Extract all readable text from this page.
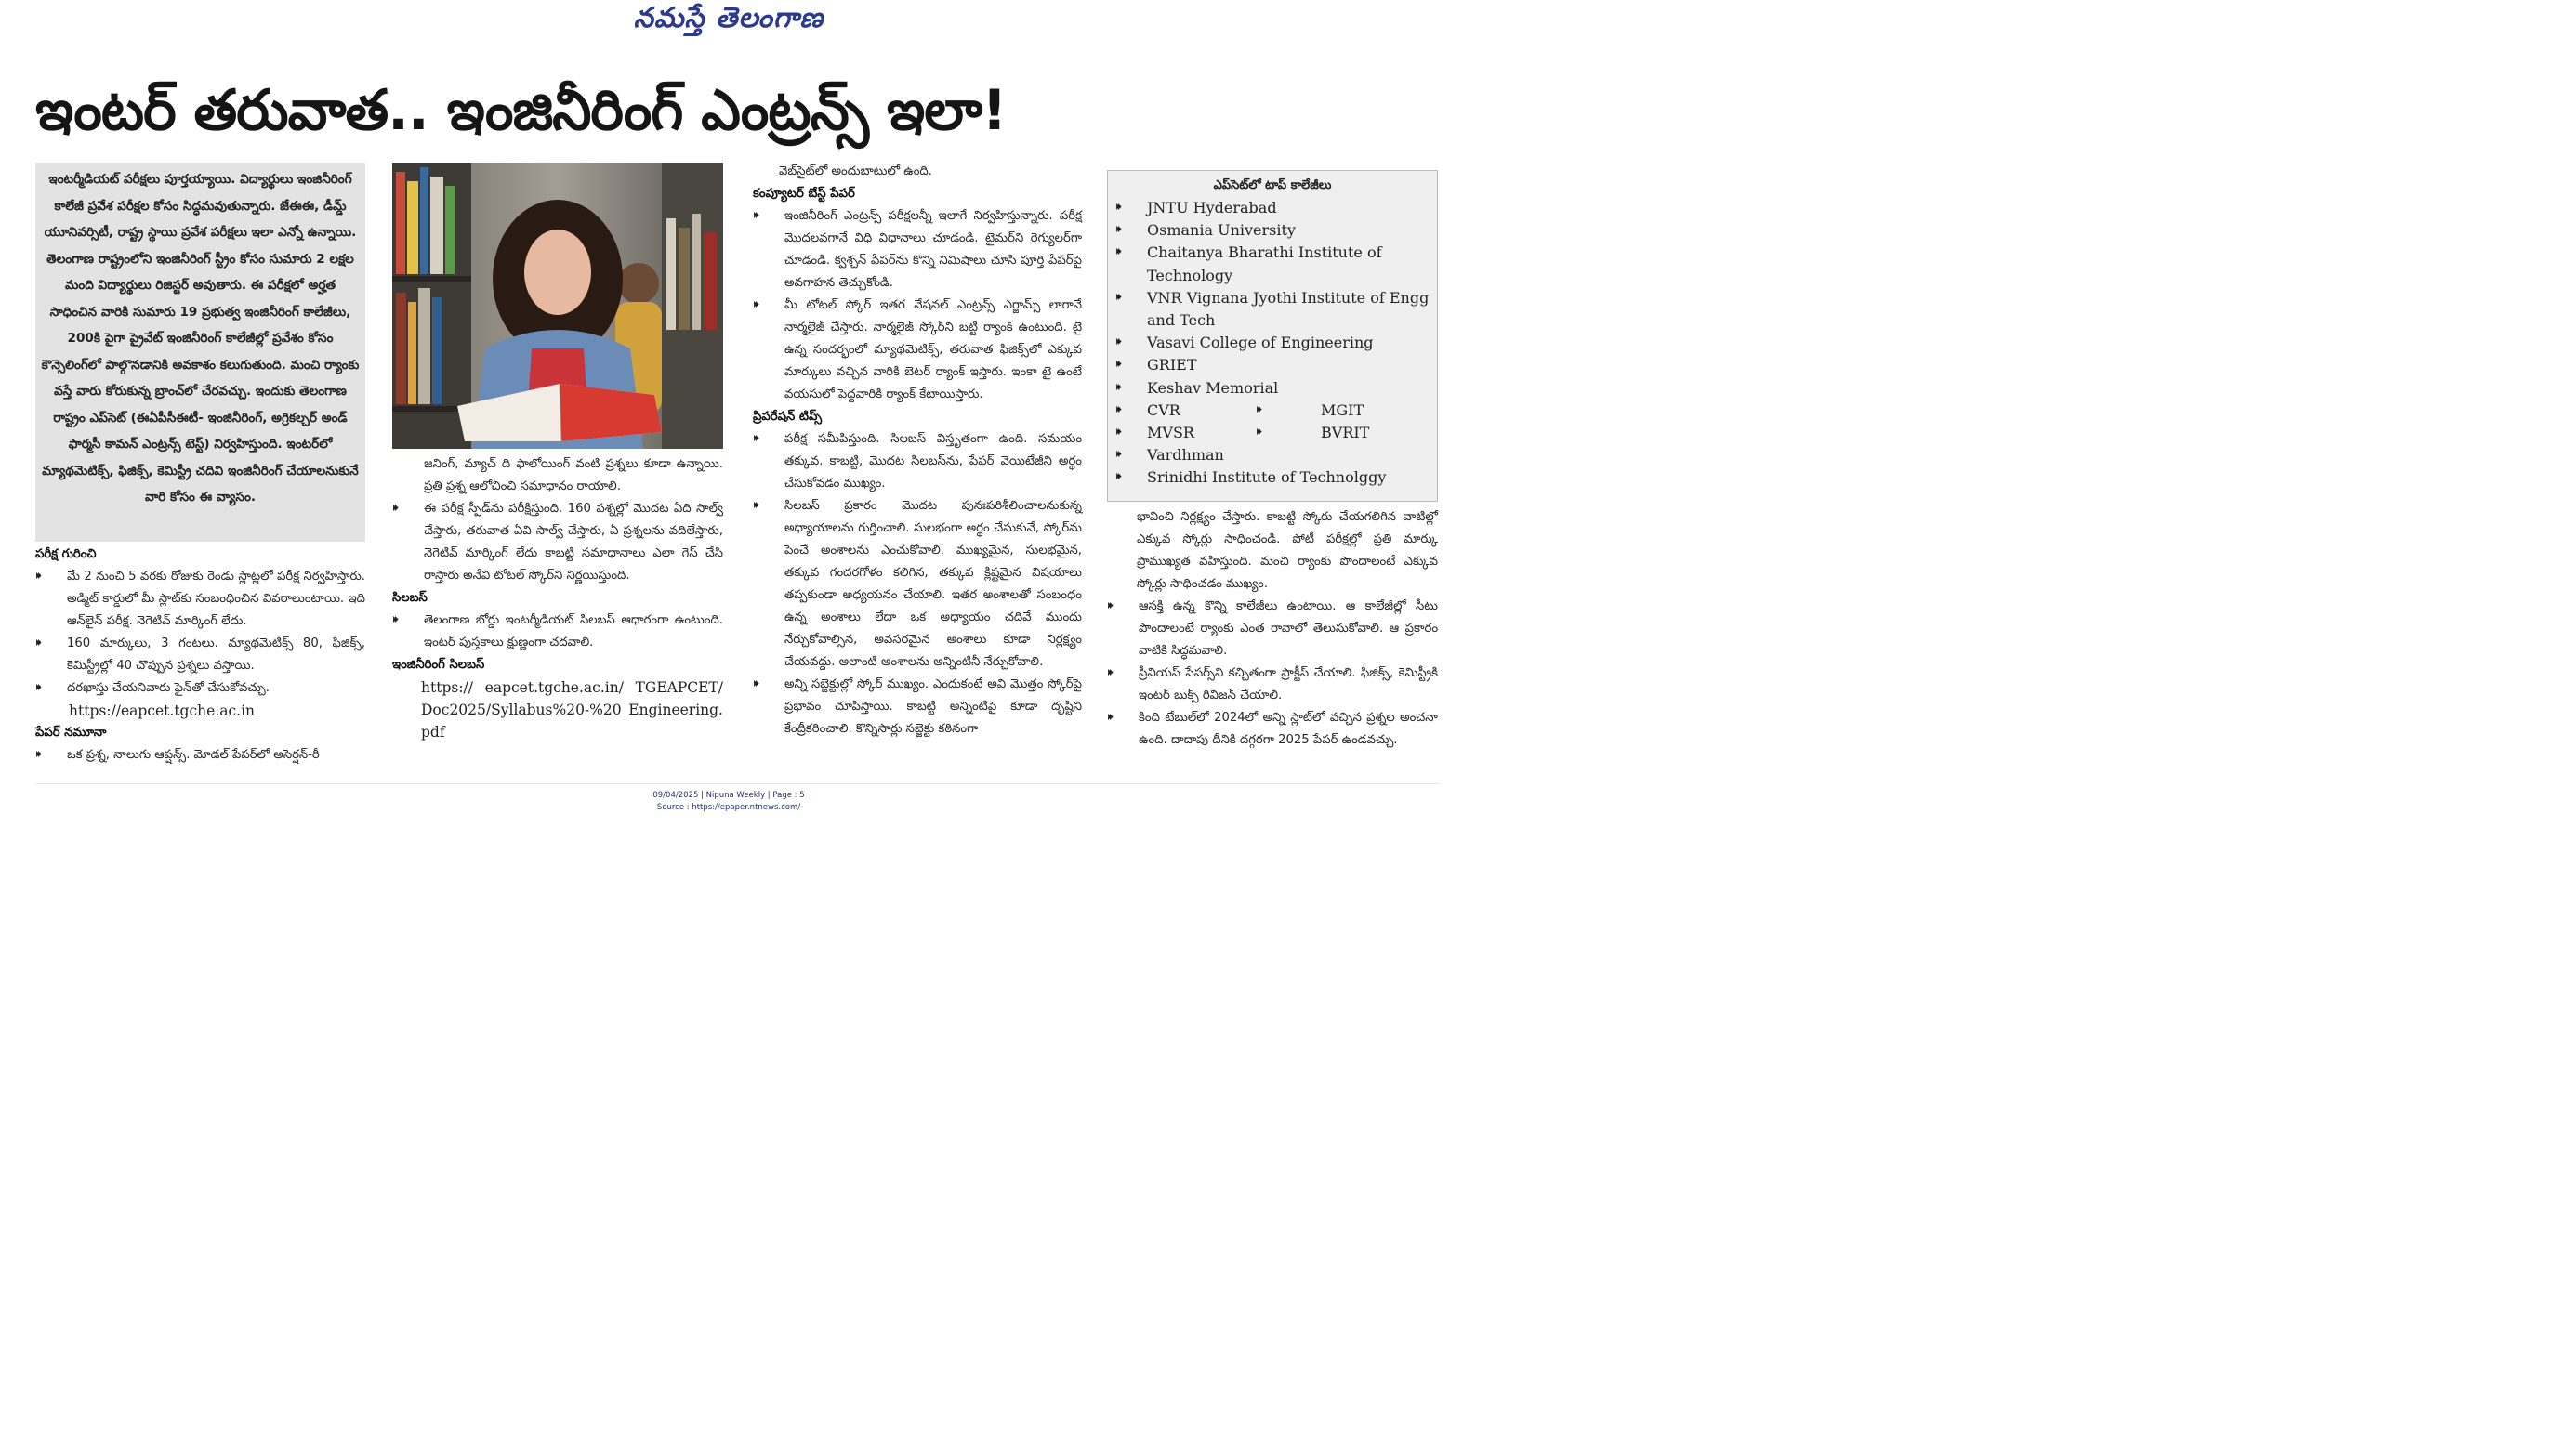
నమస్తే తెలంగాణ
ఇంటర్ తరువాత.. ఇంజినీరింగ్ ఎంట్రన్స్ ఇలా!

ఇంటర్మీడియట్ పరీక్షలు పూర్తయ్యాయి. విద్యార్థులు ఇంజినీరింగ్ కాలేజీ ప్రవేశ పరీక్షల కోసం సిద్ధమవుతున్నారు. జేఈఈ, డీమ్డ్ యూనివర్సిటీ, రాష్ట్ర స్థాయి ప్రవేశ పరీక్షలు ఇలా ఎన్నో ఉన్నాయి. తెలంగాణ రాష్ట్రంలోని ఇంజినీరింగ్ స్ట్రీం కోసం సుమారు 2 లక్షల మంది విద్యార్థులు రిజిస్టర్ అవుతారు. ఈ పరీక్షలో అర్హత సాధించిన వారికి సుమారు 19 ప్రభుత్వ ఇంజినీరింగ్ కాలేజీలు, 200కి పైగా ప్రైవేట్ ఇంజినీరింగ్ కాలేజీల్లో ప్రవేశం కోసం కౌన్సెలింగ్‌లో పాల్గొనడానికి అవకాశం కలుగుతుంది. మంచి ర్యాంకు వస్తే వారు కోరుకున్న బ్రాంచ్‌లో చేరవచ్చు. ఇందుకు తెలంగాణ రాష్ట్రం ఎప్‌సెట్ (ఈఏపీసీఈటీ- ఇంజినీరింగ్, అగ్రికల్చర్ అండ్ ఫార్మసీ కామన్ ఎంట్రన్స్ టెస్ట్) నిర్వహిస్తుంది. ఇంటర్‌లో మ్యాథమెటిక్స్, ఫిజిక్స్, కెమిస్ట్రీ చదివి ఇంజినీరింగ్ చేయాలనుకునే వారి కోసం ఈ వ్యాసం.

పరీక్ష గురించి
⏵⏵ మే 2 నుంచి 5 వరకు రోజుకు రెండు స్లాట్లలో పరీక్ష నిర్వహిస్తారు. అడ్మిట్ కార్డులో మీ స్లాట్‌కు సంబంధించిన వివరాలుంటాయి. ఇది ఆన్‌లైన్ పరీక్ష. నెగెటివ్ మార్కింగ్ లేదు.
⏵⏵ 160 మార్కులు, 3 గంటలు. మ్యాథమెటిక్స్ 80, ఫిజిక్స్, కెమిస్ట్రీల్లో 40 చొప్పున ప్రశ్నలు వస్తాయి.
⏵⏵ దరఖాస్తు చేయనివారు ఫైన్‌తో చేసుకోవచ్చు.
https://eapcet.tgche.ac.in
పేపర్ నమూనా
⏵⏵ ఒక ప్రశ్న, నాలుగు ఆప్షన్స్. మోడల్ పేపర్‌లో అసెర్షన్-రీ

జనింగ్, మ్యాచ్ ది ఫాలోయింగ్ వంటి ప్రశ్నలు కూడా ఉన్నాయి. ప్రతి ప్రశ్న ఆలోచించి సమాధానం రాయాలి.

⏵⏵ ఈ పరీక్ష స్పీడ్‌ను పరీక్షిస్తుంది. 160 పశ్నల్లో మొదట ఏది సాల్వ్ చేస్తారు, తరువాత ఏవి సాల్వ్ చేస్తారు, ఏ ప్రశ్నలను వదిలేస్తారు, నెగెటివ్ మార్కింగ్ లేదు కాబట్టి సమాధానాలు ఎలా గెస్ చేసి రాస్తారు అనేవి టోటల్ స్కోర్‌ని నిర్ణయిస్తుంది.
సిలబస్
⏵⏵ తెలంగాణ బోర్డు ఇంటర్మీడియట్ సిలబస్ ఆధారంగా ఉంటుంది. ఇంటర్ పుస్తకాలు క్షుణ్ణంగా చదవాలి.
ఇంజినీరింగ్ సిలబస్
https:// eapcet.tgche.ac.in/ TGEAPCET/ Doc2025/Syllabus%20-%20 Engineering. pdf

వెబ్‌సైట్‌లో అందుబాటులో ఉంది.

కంప్యూటర్ బేస్ట్ పేపర్
⏵⏵ ఇంజినీరింగ్ ఎంట్రన్స్ పరీక్షలన్నీ ఇలాగే నిర్వహిస్తున్నారు. పరీక్ష మొదలవగానే విధి విధానాలు చూడండి. టైమర్‌ని రెగ్యులర్‌గా చూడండి. క్వశ్చన్ పేపర్‌ను కొన్ని నిమిషాలు చూసి పూర్తి పేపర్‌పై అవగాహన తెచ్చుకోండి.
⏵⏵ మీ టోటల్ స్కోర్ ఇతర నేషనల్ ఎంట్రన్స్ ఎగ్జామ్స్ లాగానే నార్మలైజ్ చేస్తారు. నార్మలైజ్ స్కోర్‌ని బట్టి ర్యాంక్ ఉంటుంది. టై ఉన్న సందర్భంలో మ్యాథమెటిక్స్, తరువాత ఫిజిక్స్‌లో ఎక్కువ మార్కులు వచ్చిన వారికి బెటర్ ర్యాంక్ ఇస్తారు. ఇంకా టై ఉంటే వయసులో పెద్దవారికి ర్యాంక్ కేటాయిస్తారు.
ప్రిపరేషన్ టిప్స్
⏵⏵ పరీక్ష సమీపిస్తుంది. సిలబస్ విస్తృతంగా ఉంది. సమయం తక్కువ. కాబట్టి, మొదట సిలబస్‌ను, పేపర్ వెయిటేజీని అర్థం చేసుకోవడం ముఖ్యం.
⏵⏵ సిలబస్ ప్రకారం మొదట పునఃపరిశీలించాలనుకున్న అధ్యాయాలను గుర్తించాలి. సులభంగా అర్థం చేసుకునే, స్కోర్‌ను పెంచే అంశాలను ఎంచుకోవాలి. ముఖ్యమైన, సులభమైన, తక్కువ గందరగోళం కలిగిన, తక్కువ క్లిష్టమైన విషయాలు తప్పకుండా అధ్యయనం చేయాలి. ఇతర అంశాలతో సంబంధం ఉన్న అంశాలు లేదా ఒక అధ్యాయం చదివే ముందు నేర్చుకోవాల్సిన, అవసరమైన అంశాలు కూడా నిర్లక్ష్యం చేయవద్దు. అలాంటి అంశాలను అన్నింటినీ నేర్చుకోవాలి.
⏵⏵ అన్ని సబ్జెక్టుల్లో స్కోర్ ముఖ్యం. ఎందుకంటే అవి మొత్తం స్కోర్‌పై ప్రభావం చూపిస్తాయి. కాబట్టి అన్నింటిపై కూడా దృష్టిని కేంద్రీకరించాలి. కొన్నిసార్లు సబ్జెక్టు కఠినంగా
ఎప్‌సెట్‌లో టాప్ కాలేజీలు
⏵⏵ JNTU Hyderabad
⏵⏵ Osmania University
⏵⏵ Chaitanya Bharathi Institute of Technology
⏵⏵ VNR Vignana Jyothi Institute of Engg and Tech
⏵⏵ Vasavi College of Engineering
⏵⏵ GRIET
⏵⏵ Keshav Memorial
⏵⏵ CVR	⏵⏵ MGIT
⏵⏵ MVSR	⏵⏵ BVRIT
⏵⏵ Vardhman
⏵⏵ Srinidhi Institute of Technolggy

భావించి నిర్లక్ష్యం చేస్తారు. కాబట్టి స్కోరు చేయగలిగిన వాటిల్లో ఎక్కువ స్కోర్లు సాధించండి. పోటీ పరీక్షల్లో ప్రతి మార్కు ప్రాముఖ్యత వహిస్తుంది. మంచి ర్యాంకు పొందాలంటే ఎక్కువ స్కోర్లు సాధించడం ముఖ్యం.

⏵⏵ ఆసక్తి ఉన్న కొన్ని కాలేజీలు ఉంటాయి. ఆ కాలేజీల్లో సీటు పొందాలంటే ర్యాంకు ఎంత రావాలో తెలుసుకోవాలి. ఆ ప్రకారం వాటికి సిద్ధమవాలి.
⏵⏵ ప్రీవియస్ పేపర్స్‌ని కచ్చితంగా ప్రాక్టీస్ చేయాలి. ఫిజిక్స్, కెమిస్ట్రీకి ఇంటర్ బుక్స్ రివిజన్ చేయాలి.
⏵⏵ కింది టేబుల్‌లో 2024లో అన్ని స్లాట్‌లో వచ్చిన ప్రశ్నల అంచనా ఉంది. దాదాపు దీనికి దగ్గరగా 2025 పేపర్ ఉండవచ్చు.
09/04/2025 | Nipuna Weekly | Page : 5
Source : https://epaper.ntnews.com/
